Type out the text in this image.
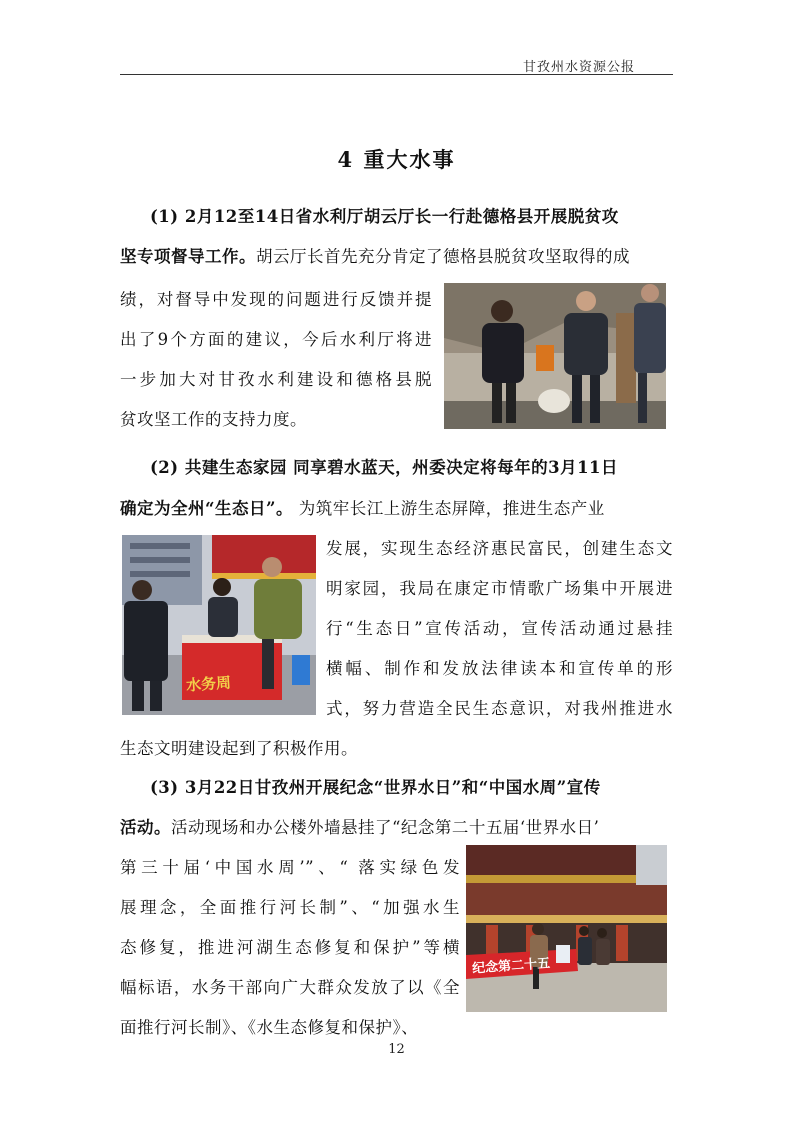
甘孜州水资源公报
4 重大水事
(1) 2月12至14日省水利厅胡云厅长一行赴德格县开展脱贫攻
坚专项督导工作。胡云厅长首先充分肯定了德格县脱贫攻坚取得的成
绩，对督导中发现的问题进行反馈并提
出了9个方面的建议，今后水利厅将进
一步加大对甘孜水利建设和德格县脱
贫攻坚工作的支持力度。
(2) 共建生态家园 同享碧水蓝天，州委决定将每年的3月11日
确定为全州“生态日”。 为筑牢长江上游生态屏障，推进生态产业
发展，实现生态经济惠民富民，创建生态文
明家园，我局在康定市情歌广场集中开展进
行“生态日”宣传活动，宣传活动通过悬挂
横幅、制作和发放法律读本和宣传单的形
式，努力营造全民生态意识，对我州推进水
生态文明建设起到了积极作用。
水务周
(3) 3月22日甘孜州开展纪念“世界水日”和“中国水周”宣传
活动。活动现场和办公楼外墙悬挂了“纪念第二十五届‘世界水日’
第三十届‘中国水周’”、“ 落实绿色发
展理念，全面推行河长制”、“加强水生
态修复，推进河湖生态修复和保护”等横
幅标语，水务干部向广大群众发放了以《全
面推行河长制》、《水生态修复和保护》、
纪念第二十五
12
